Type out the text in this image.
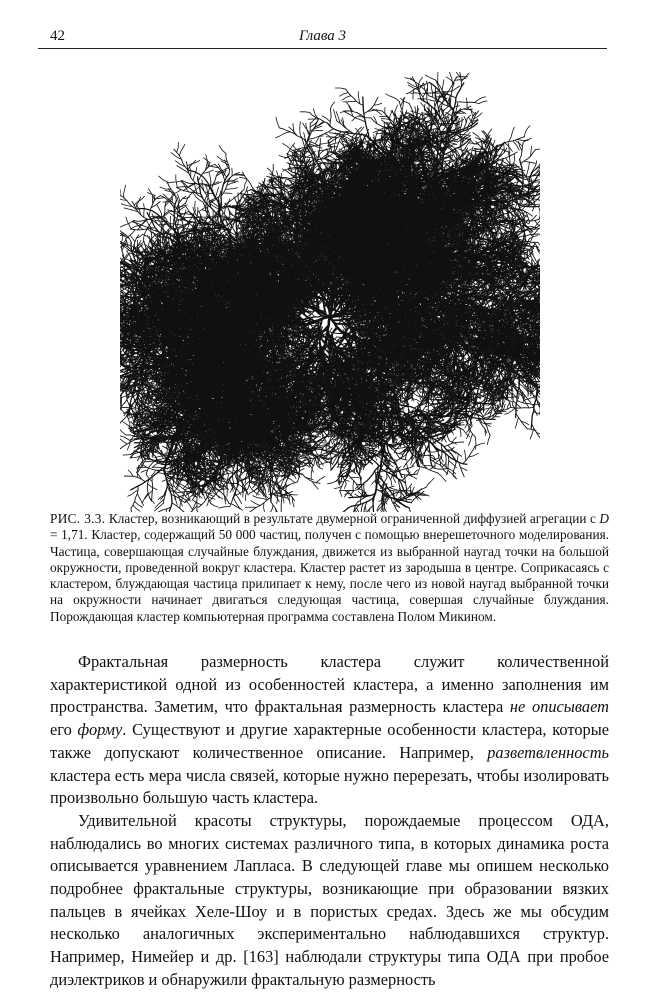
42	Глава 3
РИС. 3.3. Кластер, возникающий в результате двумерной ограниченной диффузией агрегации с D = 1,71. Кластер, содержащий 50 000 частиц, получен с помощью внерешеточного моделирования. Частица, совершающая случайные блуждания, движется из выбранной наугад точки на большой окружности, проведенной вокруг кластера. Кластер растет из зародыша в центре. Соприкасаясь с кластером, блуждающая частица прилипает к нему, после чего из новой наугад выбранной точки на окружности начинает двигаться следующая частица, совершая случайные блуждания. Порождающая кластер компьютерная программа составлена Полом Микином.

Фрактальная размерность кластера служит количественной характеристикой одной из особенностей кластера, а именно заполнения им пространства. Заметим, что фрактальная размерность кластера не описывает его форму. Существуют и другие характерные особенности кластера, которые также допускают количественное описание. Например, разветвленность кластера есть мера числа связей, которые нужно перерезать, чтобы изолировать произвольно большую часть кластера.

Удивительной красоты структуры, порождаемые процессом ОДА, наблюдались во многих системах различного типа, в которых динамика роста описывается уравнением Лапласа. В следующей главе мы опишем несколько подробнее фрактальные структуры, возникающие при образовании вязких пальцев в ячейках Хеле-Шоу и в пористых средах. Здесь же мы обсудим несколько аналогичных экспериментально наблюдавшихся структур. Например, Нимейер и др. [163] наблюдали структуры типа ОДА при пробое диэлектриков и обнаружили фрактальную размерность
